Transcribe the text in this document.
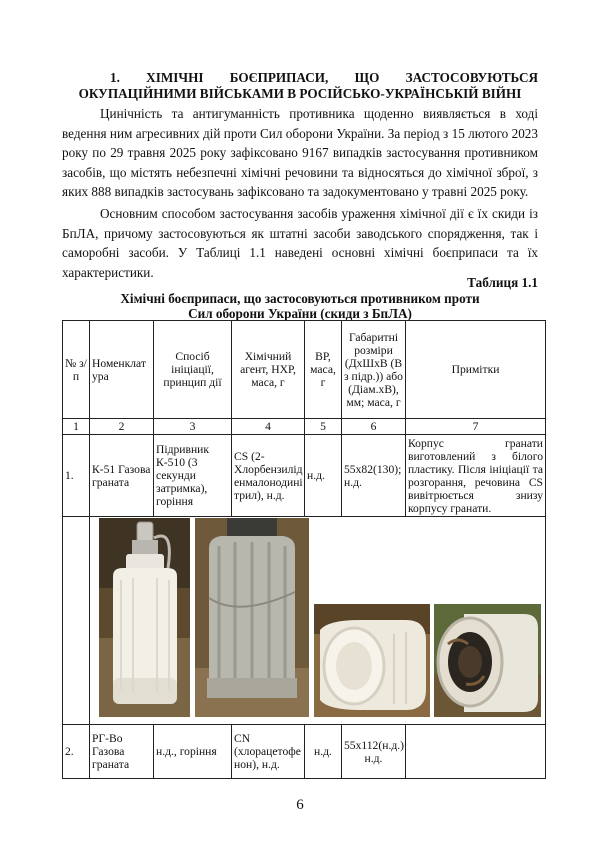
1. ХІМІЧНІ БОЄПРИПАСИ, ЩО ЗАСТОСОВУЮТЬСЯ
ОКУПАЦІЙНИМИ ВІЙСЬКАМИ В РОСІЙСЬКО-УКРАЇНСЬКІЙ ВІЙНІ
Цинічність та антигуманність противника щоденно виявляється в ході ведення ним агресивних дій проти Сил оборони України. За період з 15 лютого 2023 року по 29 травня 2025 року зафіксовано 9167 випадків застосування противником засобів, що містять небезпечні хімічні речовини та відносяться до хімічної зброї, з яких 888 випадків застосувань зафіксовано та задокументовано у травні 2025 року.
Основним способом застосування засобів ураження хімічної дії є їх скиди із БпЛА, причому застосовуються як штатні засоби заводського спорядження, так і саморобні засоби. У Таблиці 1.1 наведені основні хімічні боєприпаси та їх характеристики.
Таблиця 1.1
Хімічні боєприпаси, що застосовуються противником проти
Сил оборони України (скиди з БпЛА)
№ з/п	Номенклат ура	Спосіб ініціації, принцип дії	Хімічний агент, НХР, маса, г	ВР, маса, г	Габаритні розміри (ДхШхВ (В з підр.)) або (Діам.хВ), мм; маса, г	Примітки
1	2	3	4	5	6	7
1.	К-51 Газова граната	Підривник К-510 (3 секунди затримка), горіння	CS (2-Хлорбензилід енмалонодині трил), н.д.	н.д.	55x82(130); н.д.	Корпус гранати виготовлений з білого пластику. Після ініціації та розгорання, речовина CS вивітрюється знизу корпусу гранати.

2.	РГ-Во Газова граната	н.д., горіння	CN (хлорацетофе нон), н.д.	н.д.	55x112(н.д.) н.д.	
6
